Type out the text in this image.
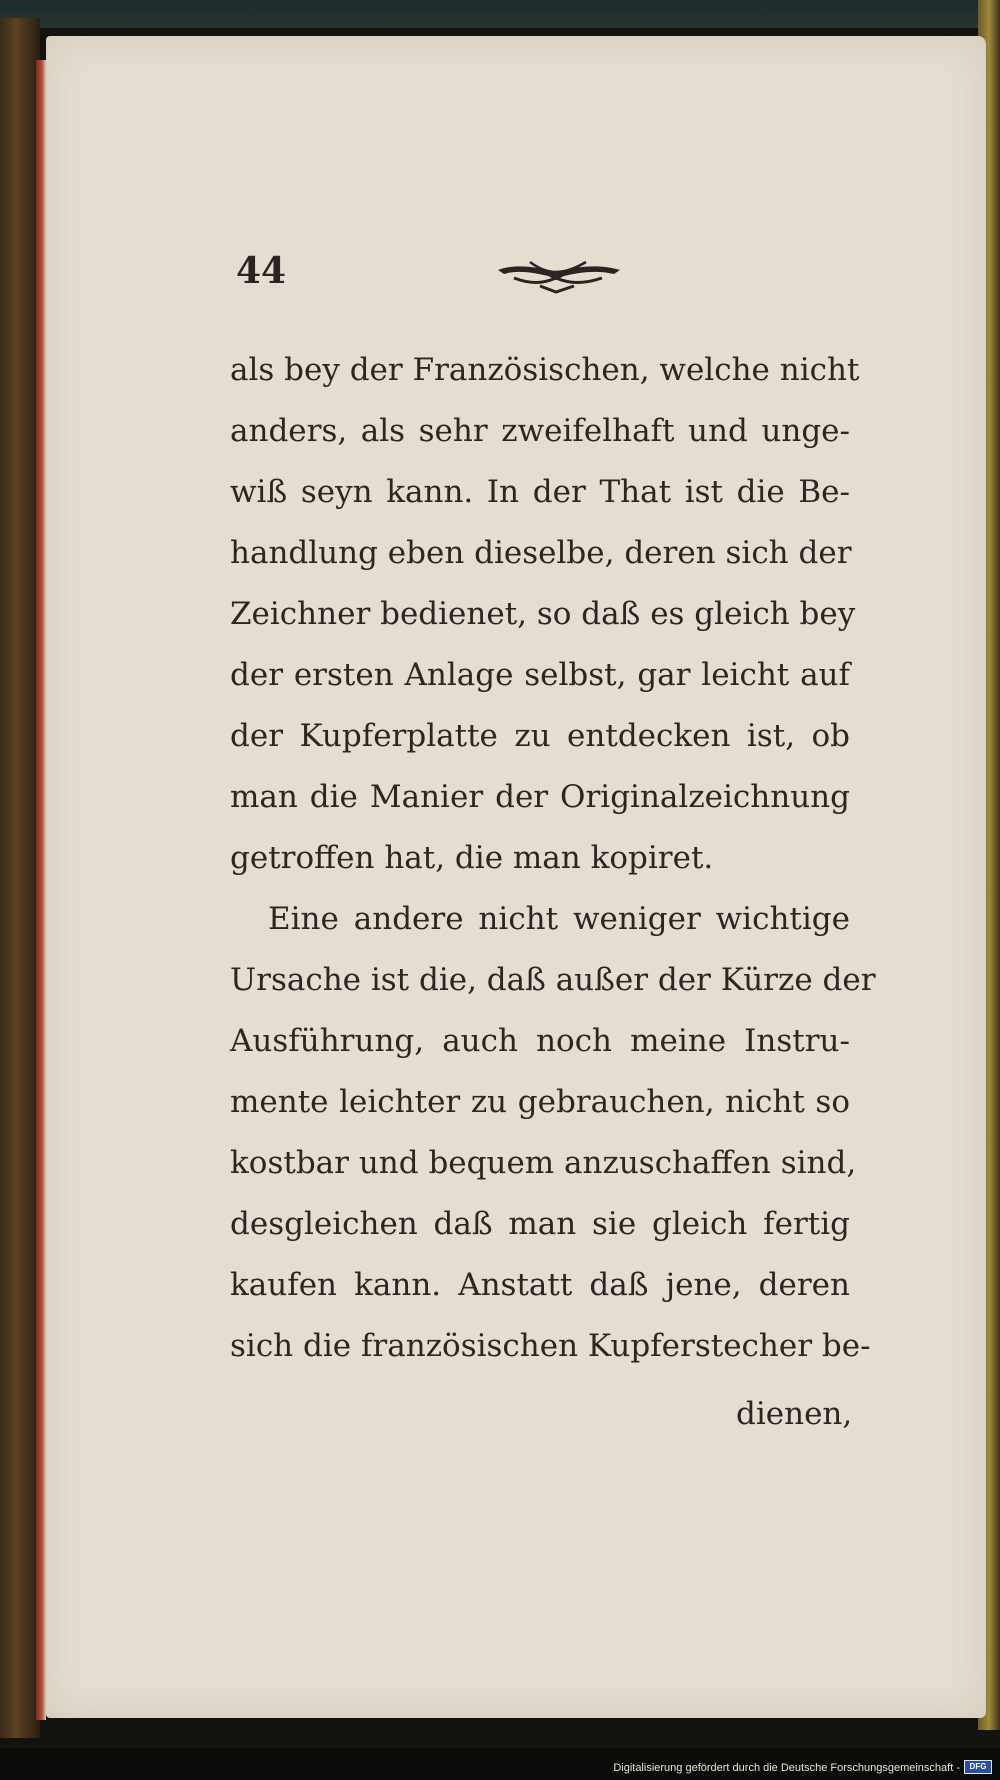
44
als bey der Französischen, welche nicht
anders, als sehr zweifelhaft und unge-
wiß seyn kann. In der That ist die Be-
handlung eben dieselbe, deren sich der
Zeichner bedienet, so daß es gleich bey
der ersten Anlage selbst, gar leicht auf
der Kupferplatte zu entdecken ist, ob
man die Manier der Originalzeichnung
getroffen hat, die man kopiret.
Eine andere nicht weniger wichtige
Ursache ist die, daß außer der Kürze der
Ausführung, auch noch meine Instru-
mente leichter zu gebrauchen, nicht so
kostbar und bequem anzuschaffen sind,
desgleichen daß man sie gleich fertig
kaufen kann. Anstatt daß jene, deren
sich die französischen Kupferstecher be-
dienen,
Digitalisierung gefördert durch die Deutsche Forschungsgemeinschaft -	DFG
